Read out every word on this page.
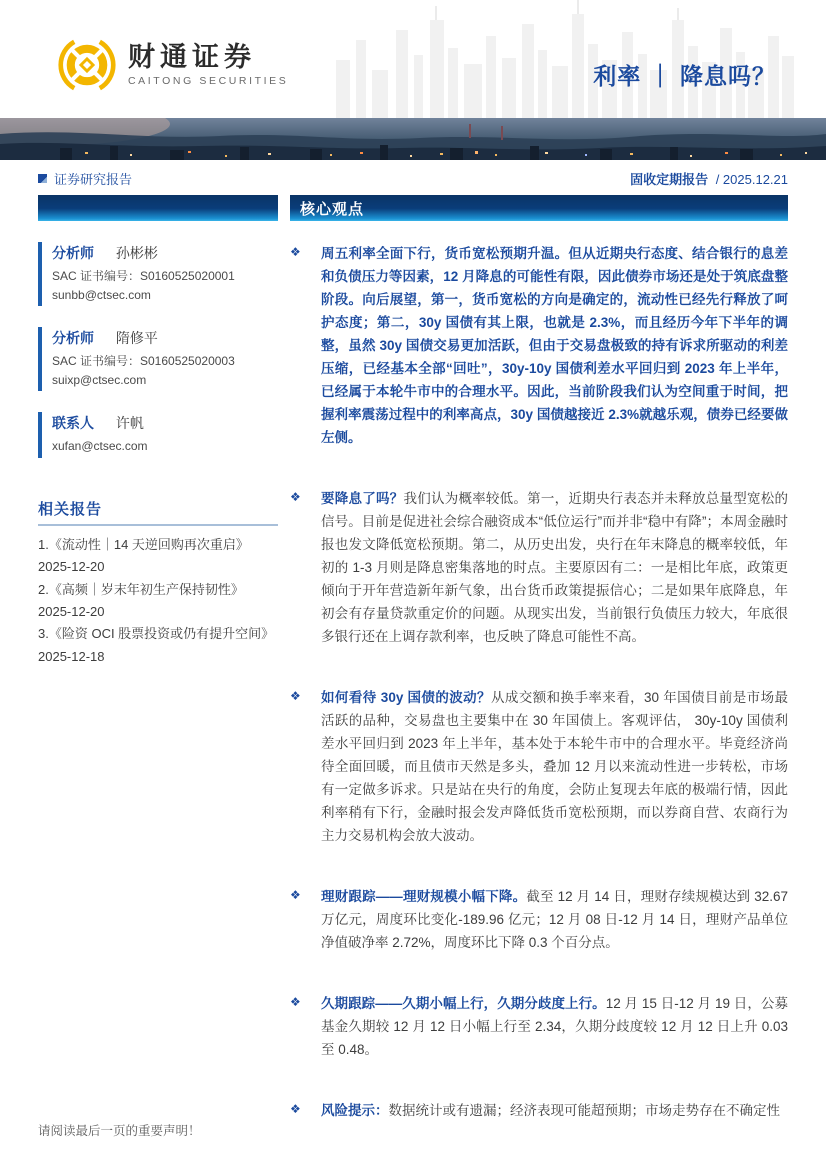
财通证券
CAITONG SECURITIES	利率 ｜ 降息吗？
证券研究报告	固收定期报告 / 2025.12.21
核心观点
分析师 孙彬彬
SAC 证书编号：S0160525020001
sunbb@ctsec.com
分析师 隋修平
SAC 证书编号：S0160525020003
suixp@ctsec.com
联系人 许帆
xufan@ctsec.com
相关报告
1.《流动性｜14 天逆回购再次重启》
2025-12-20
2.《高频｜岁末年初生产保持韧性》
2025-12-20
3.《险资 OCI 股票投资或仍有提升空间》
2025-12-18
❖	周五利率全面下行，货币宽松预期升温。但从近期央行态度、结合银行的息差和负债压力等因素，12 月降息的可能性有限，因此债券市场还是处于筑底盘整阶段。向后展望，第一，货币宽松的方向是确定的，流动性已经先行释放了呵护态度；第二，30y 国债有其上限，也就是 2.3%，而且经历今年下半年的调整，虽然 30y 国债交易更加活跃，但由于交易盘极致的持有诉求所驱动的利差压缩，已经基本全部“回吐”，30y-10y 国债利差水平回归到 2023 年上半年，已经属于本轮牛市中的合理水平。因此，当前阶段我们认为空间重于时间，把握利率震荡过程中的利率高点，30y 国债越接近 2.3%就越乐观，债券已经要做左侧。
❖	要降息了吗？我们认为概率较低。第一，近期央行表态并未释放总量型宽松的信号。目前是促进社会综合融资成本“低位运行”而并非“稳中有降”；本周金融时报也发文降低宽松预期。第二，从历史出发，央行在年末降息的概率较低，年初的 1-3 月则是降息密集落地的时点。主要原因有二：一是相比年底，政策更倾向于开年营造新年新气象，出台货币政策提振信心；二是如果年底降息，年初会有存量贷款重定价的问题。从现实出发，当前银行负债压力较大，年底很多银行还在上调存款利率，也反映了降息可能性不高。
❖	如何看待 30y 国债的波动？从成交额和换手率来看，30 年国债目前是市场最活跃的品种，交易盘也主要集中在 30 年国债上。客观评估， 30y-10y 国债利差水平回归到 2023 年上半年，基本处于本轮牛市中的合理水平。毕竟经济尚待全面回暖，而且债市天然是多头，叠加 12 月以来流动性进一步转松，市场有一定做多诉求。只是站在央行的角度，会防止复现去年底的极端行情，因此利率稍有下行，金融时报会发声降低货币宽松预期，而以券商自营、农商行为主力交易机构会放大波动。
❖	理财跟踪——理财规模小幅下降。截至 12 月 14 日，理财存续规模达到 32.67 万亿元，周度环比变化-189.96 亿元；12 月 08 日-12 月 14 日，理财产品单位净值破净率 2.72%，周度环比下降 0.3 个百分点。
❖	久期跟踪——久期小幅上行，久期分歧度上行。12 月 15 日-12 月 19 日，公募基金久期较 12 月 12 日小幅上行至 2.34，久期分歧度较 12 月 12 日上升 0.03 至 0.48。
❖	风险提示：数据统计或有遗漏；经济表现可能超预期；市场走势存在不确定性
请阅读最后一页的重要声明！
